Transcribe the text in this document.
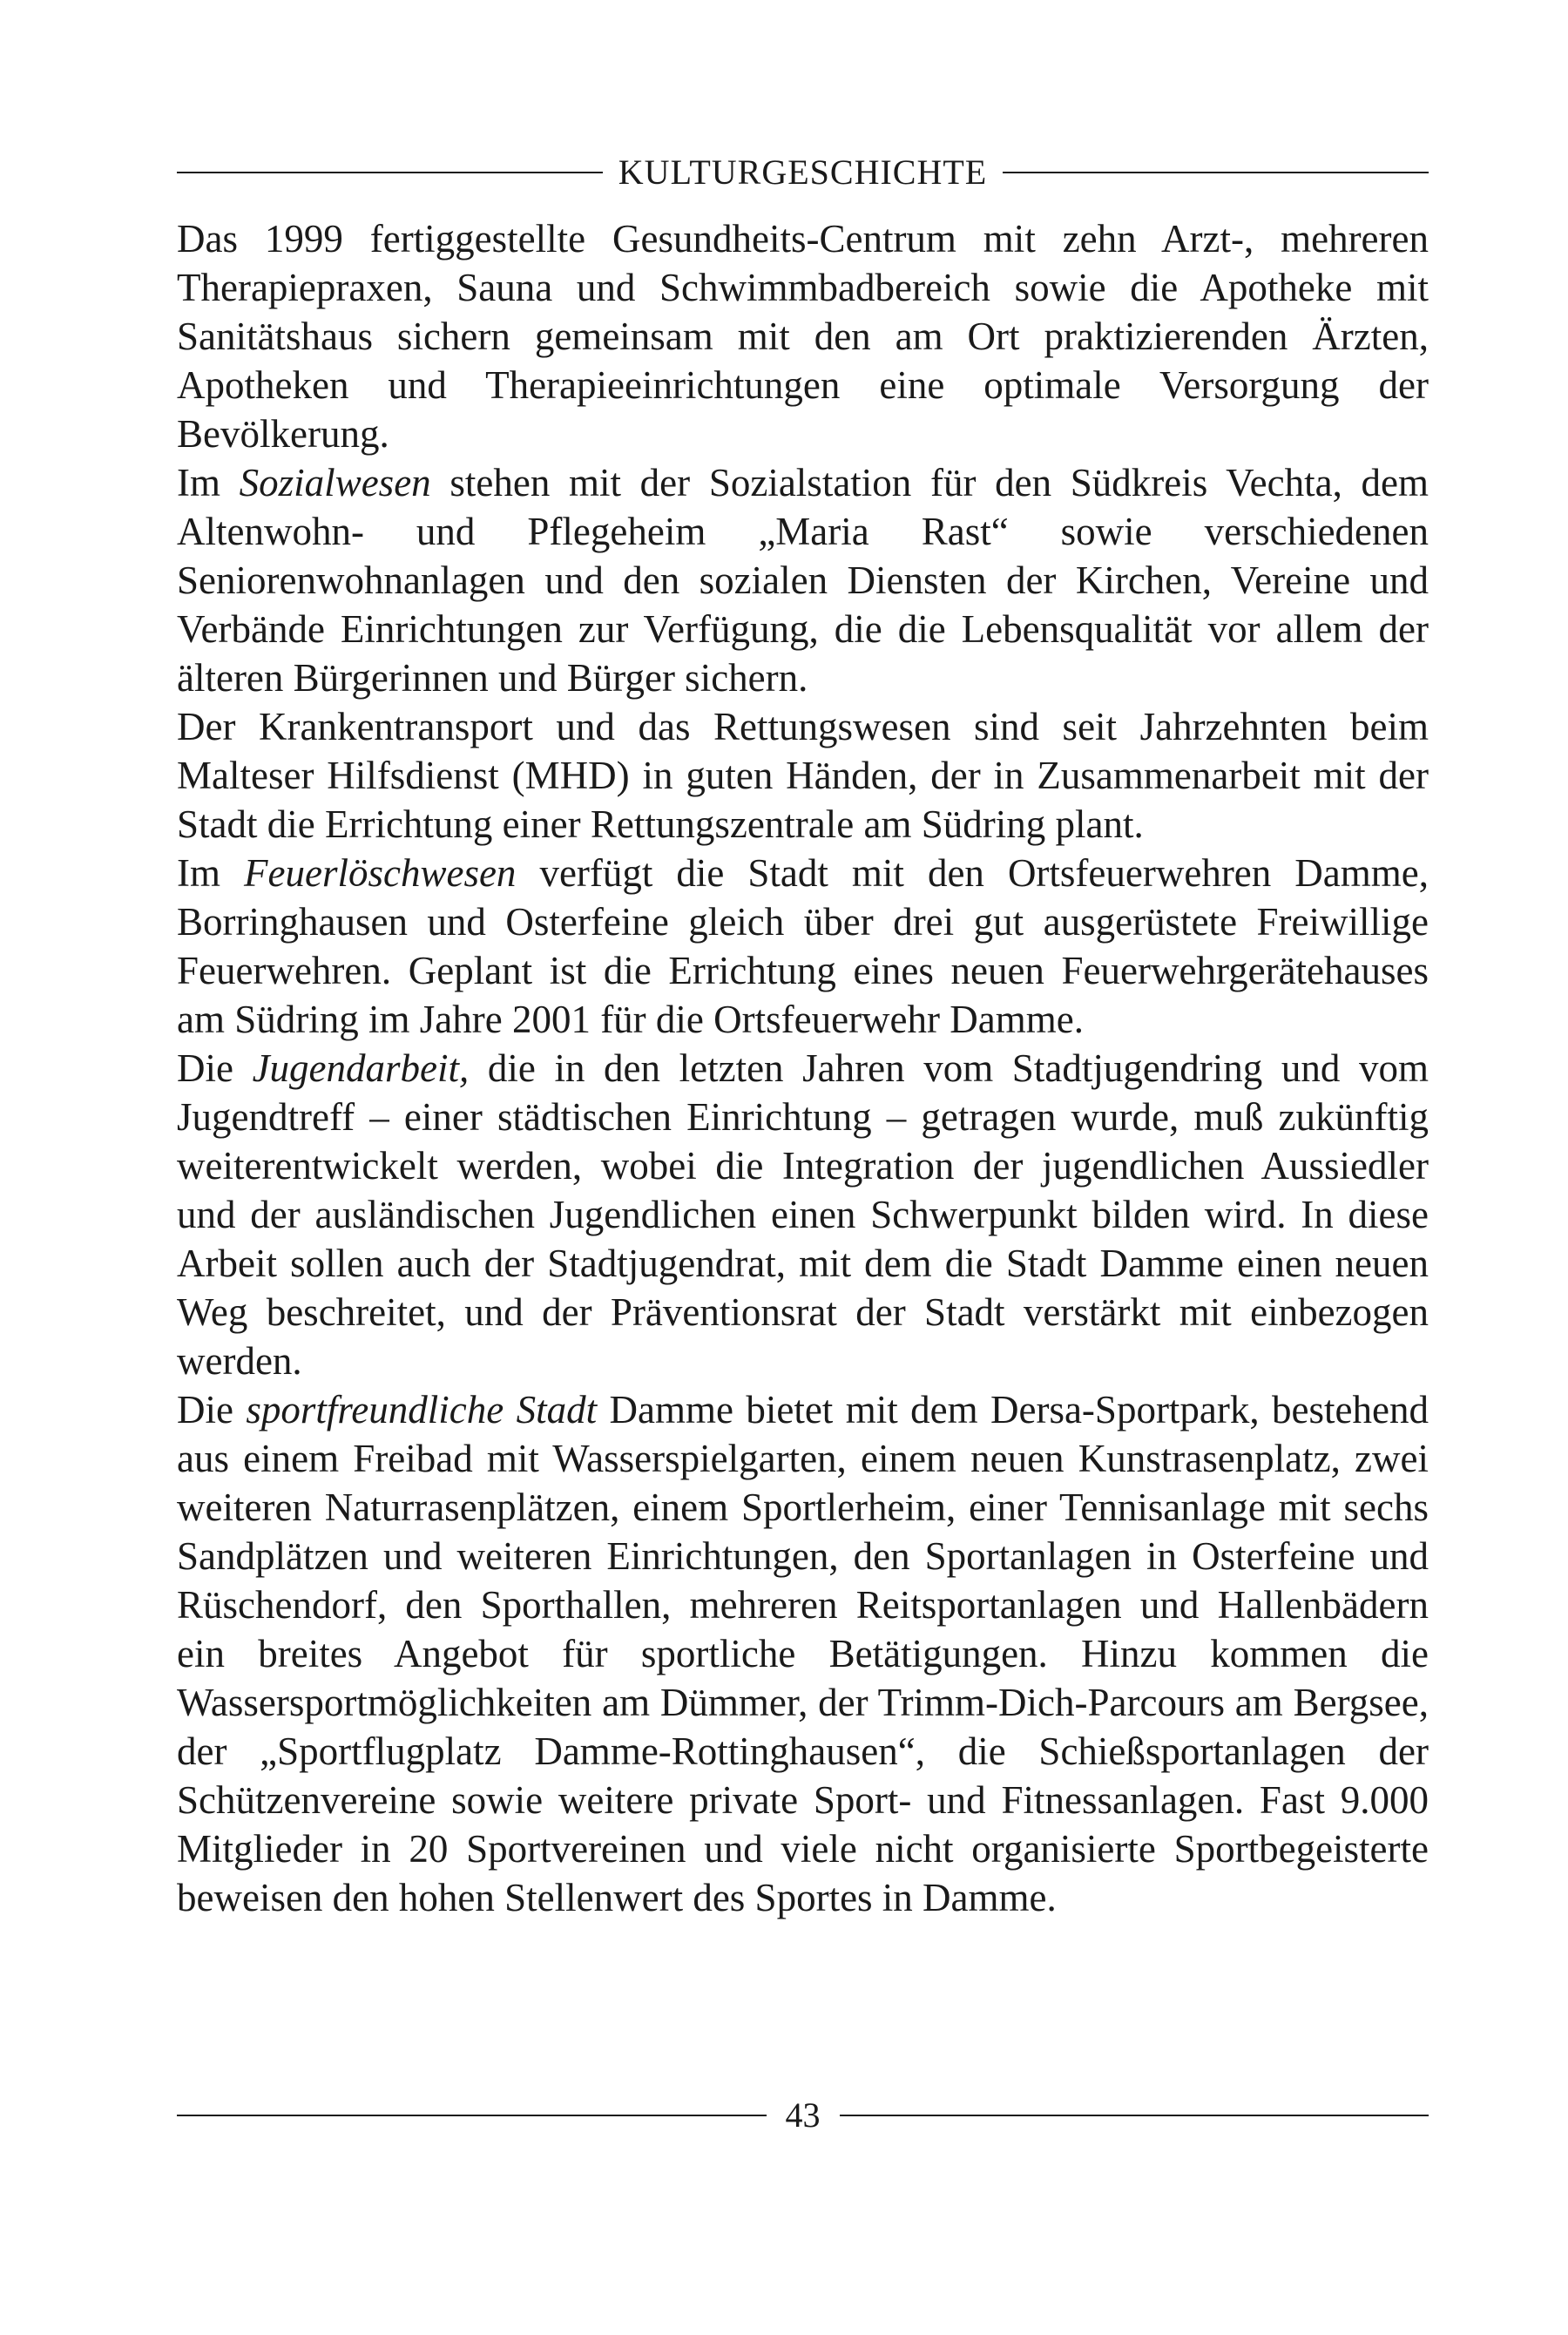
KULTURGESCHICHTE

Das 1999 fertiggestellte Gesundheits-Centrum mit zehn Arzt-, mehreren Therapiepraxen, Sauna und Schwimmbadbereich sowie die Apotheke mit Sanitätshaus sichern gemeinsam mit den am Ort praktizierenden Ärzten, Apotheken und Therapieeinrichtungen eine optimale Versorgung der Bevölkerung.

Im Sozialwesen stehen mit der Sozialstation für den Südkreis Vechta, dem Altenwohn- und Pflegeheim „Maria Rast“ sowie verschiedenen Seniorenwohnanlagen und den sozialen Diensten der Kirchen, Vereine und Verbände Einrichtungen zur Verfügung, die die Lebensqualität vor allem der älteren Bürgerinnen und Bürger sichern.

Der Krankentransport und das Rettungswesen sind seit Jahrzehnten beim Malteser Hilfsdienst (MHD) in guten Händen, der in Zusammenarbeit mit der Stadt die Errichtung einer Rettungszentrale am Südring plant.

Im Feuerlöschwesen verfügt die Stadt mit den Ortsfeuerwehren Damme, Borringhausen und Osterfeine gleich über drei gut ausgerüstete Freiwillige Feuerwehren. Geplant ist die Errichtung eines neuen Feuerwehrgerätehauses am Südring im Jahre 2001 für die Ortsfeuerwehr Damme.

Die Jugendarbeit, die in den letzten Jahren vom Stadtjugendring und vom Jugendtreff – einer städtischen Einrichtung – getragen wurde, muß zukünftig weiterentwickelt werden, wobei die Integration der jugendlichen Aussiedler und der ausländischen Jugendlichen einen Schwerpunkt bilden wird. In diese Arbeit sollen auch der Stadtjugendrat, mit dem die Stadt Damme einen neuen Weg beschreitet, und der Präventionsrat der Stadt verstärkt mit einbezogen werden.

Die sportfreundliche Stadt Damme bietet mit dem Dersa-Sportpark, bestehend aus einem Freibad mit Wasserspielgarten, einem neuen Kunstrasenplatz, zwei weiteren Naturrasenplätzen, einem Sportlerheim, einer Tennisanlage mit sechs Sandplätzen und weiteren Einrichtungen, den Sportanlagen in Osterfeine und Rüschendorf, den Sporthallen, mehreren Reitsportanlagen und Hallenbädern ein breites Angebot für sportliche Betätigungen. Hinzu kommen die Wassersportmöglichkeiten am Dümmer, der Trimm-Dich-Parcours am Bergsee, der „Sportflugplatz Damme-Rottinghausen“, die Schießsportanlagen der Schützenvereine sowie weitere private Sport- und Fitnessanlagen. Fast 9.000 Mitglieder in 20 Sportvereinen und viele nicht organisierte Sportbegeisterte beweisen den hohen Stellenwert des Sportes in Damme.

43
